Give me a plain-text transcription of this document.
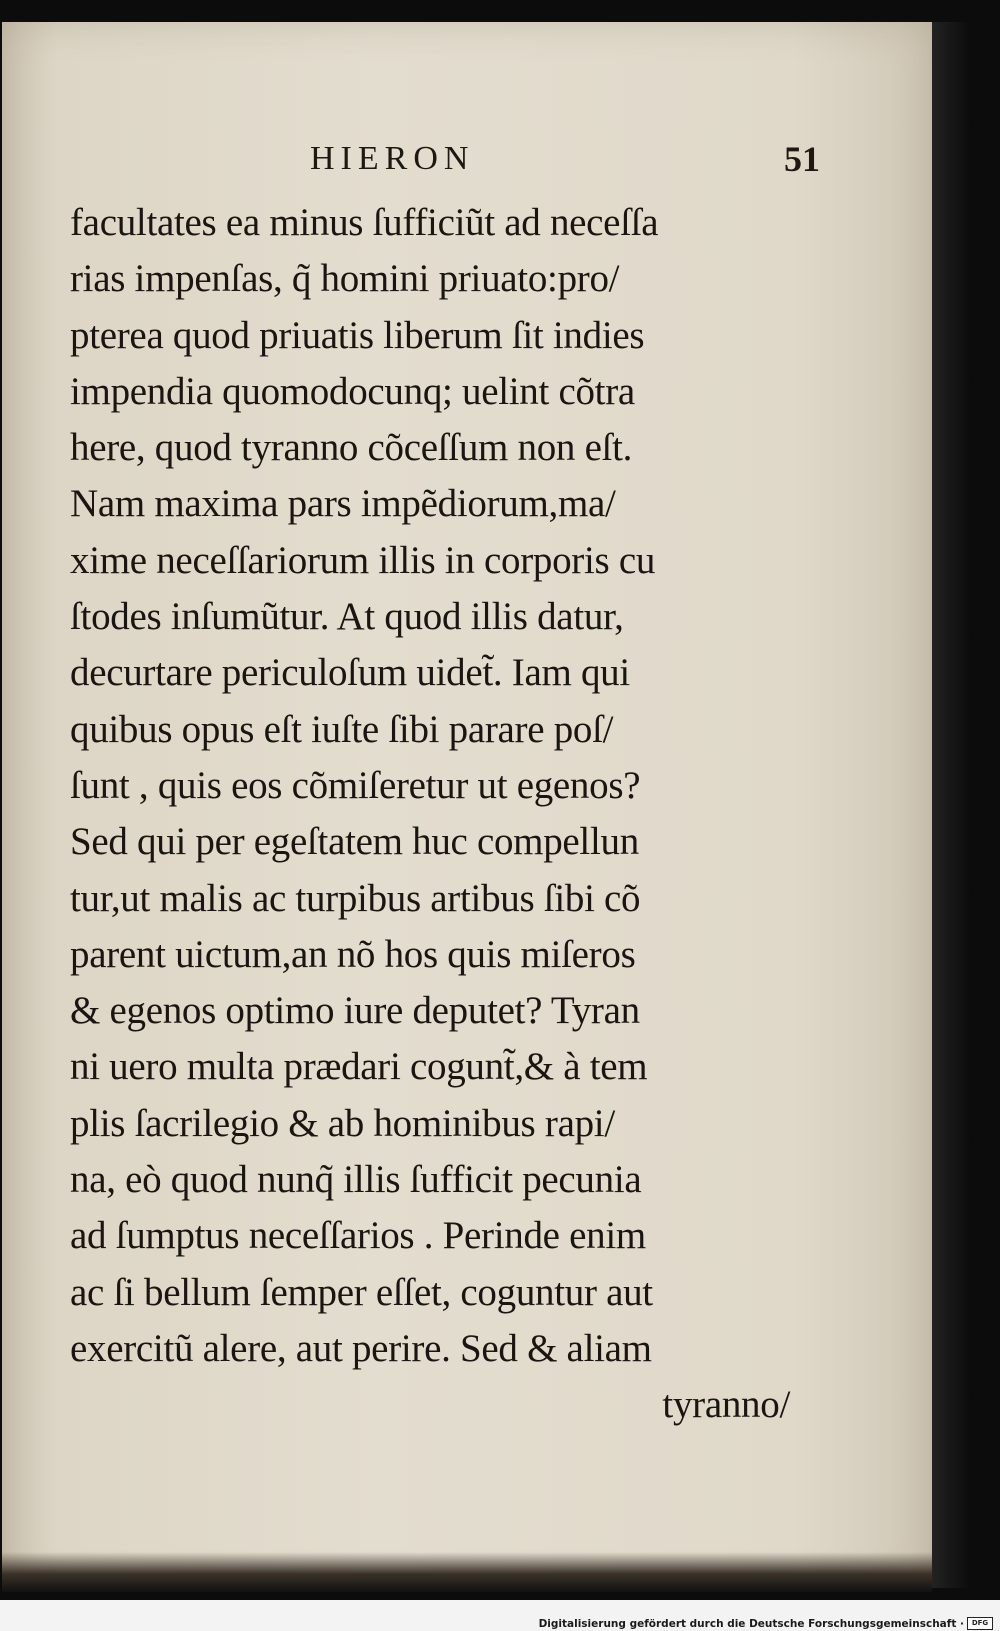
HIERON	51
facultates ea minus ſufficiũt ad neceſſa
rias impenſas, q̃ homini priuato:pro/
pterea quod priuatis liberum ſit indies
impendia quomodocunq; uelint cõtra
here, quod tyranno cõceſſum non eſt.
Nam maxima pars impẽdiorum,ma/
xime neceſſariorum illis in corporis cu
ſtodes inſumũtur. At quod illis datur,
decurtare periculoſum uidet̃. Iam qui
quibus opus eſt iuſte ſibi parare poſ/
ſunt , quis eos cõmiſeretur ut egenos?
Sed qui per egeſtatem huc compellun
tur,ut malis ac turpibus artibus ſibi cõ
parent uictum,an nõ hos quis miſeros
& egenos optimo iure deputet? Tyran
ni uero multa prædari cogunt̃,& à tem
plis ſacrilegio & ab hominibus rapi/
na, eò quod nunq̃ illis ſufficit pecunia
ad ſumptus neceſſarios . Perinde enim
ac ſi bellum ſemper eſſet, coguntur aut
exercitũ alere, aut perire. Sed & aliam
tyranno/
Digitalisierung gefördert durch die Deutsche Forschungsgemeinschaft ·	DFG
